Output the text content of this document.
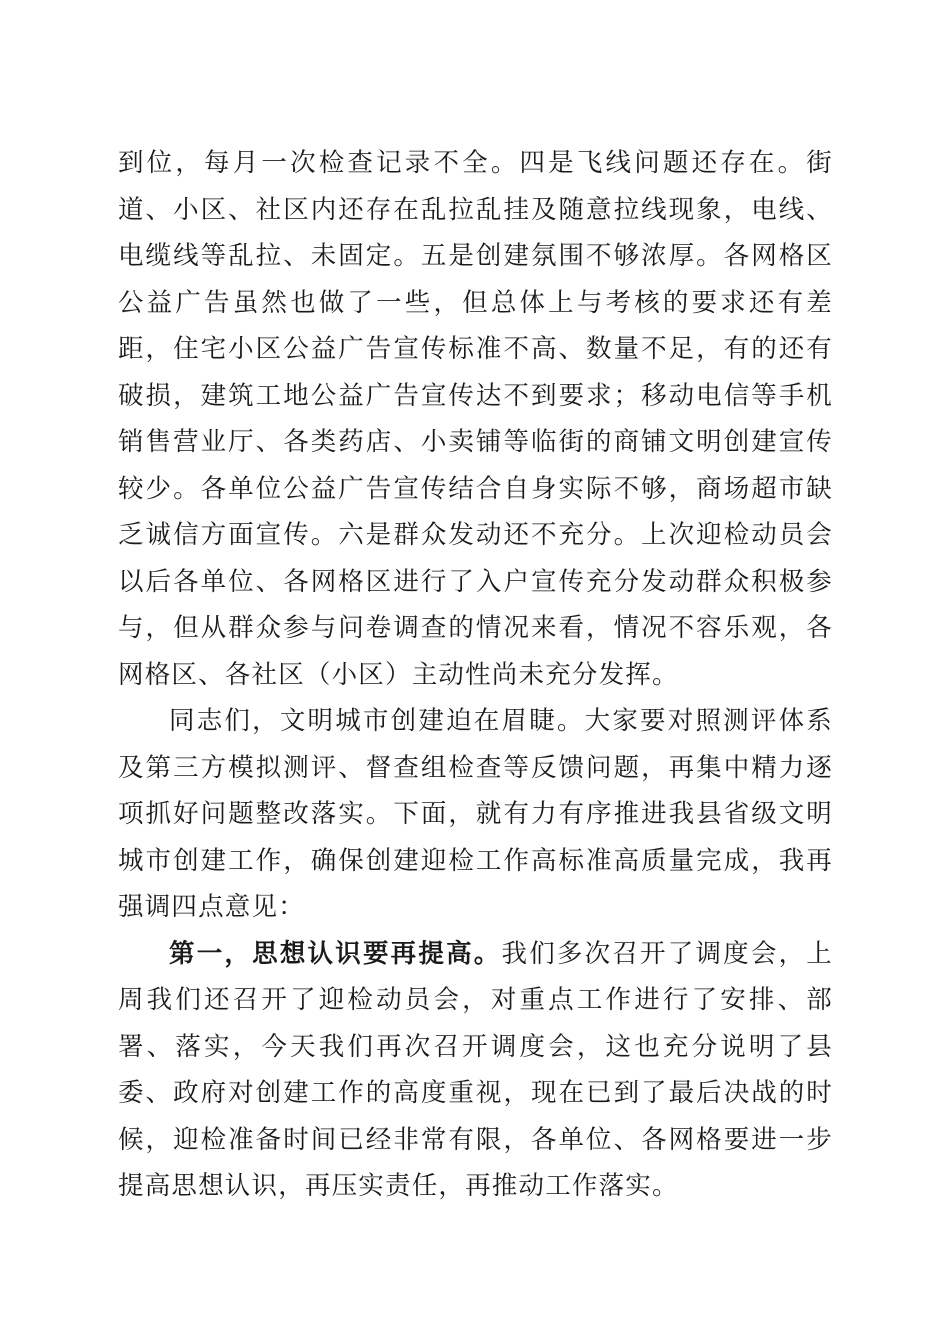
到位，每月一次检查记录不全。四是飞线问题还存在。街道、小区、社区内还存在乱拉乱挂及随意拉线现象，电线、电缆线等乱拉、未固定。五是创建氛围不够浓厚。各网格区公益广告虽然也做了一些，但总体上与考核的要求还有差距，住宅小区公益广告宣传标准不高、数量不足，有的还有破损，建筑工地公益广告宣传达不到要求；移动电信等手机销售营业厅、各类药店、小卖铺等临街的商铺文明创建宣传较少。各单位公益广告宣传结合自身实际不够，商场超市缺乏诚信方面宣传。六是群众发动还不充分。上次迎检动员会以后各单位、各网格区进行了入户宣传充分发动群众积极参与，但从群众参与问卷调查的情况来看，情况不容乐观，各网格区、各社区（小区）主动性尚未充分发挥。

同志们，文明城市创建迫在眉睫。大家要对照测评体系及第三方模拟测评、督查组检查等反馈问题，再集中精力逐项抓好问题整改落实。下面，就有力有序推进我县省级文明城市创建工作，确保创建迎检工作高标准高质量完成，我再强调四点意见：

第一，思想认识要再提高。我们多次召开了调度会，上周我们还召开了迎检动员会，对重点工作进行了安排、部署、落实，今天我们再次召开调度会，这也充分说明了县委、政府对创建工作的高度重视，现在已到了最后决战的时候，迎检准备时间已经非常有限，各单位、各网格要进一步提高思想认识，再压实责任，再推动工作落实。
